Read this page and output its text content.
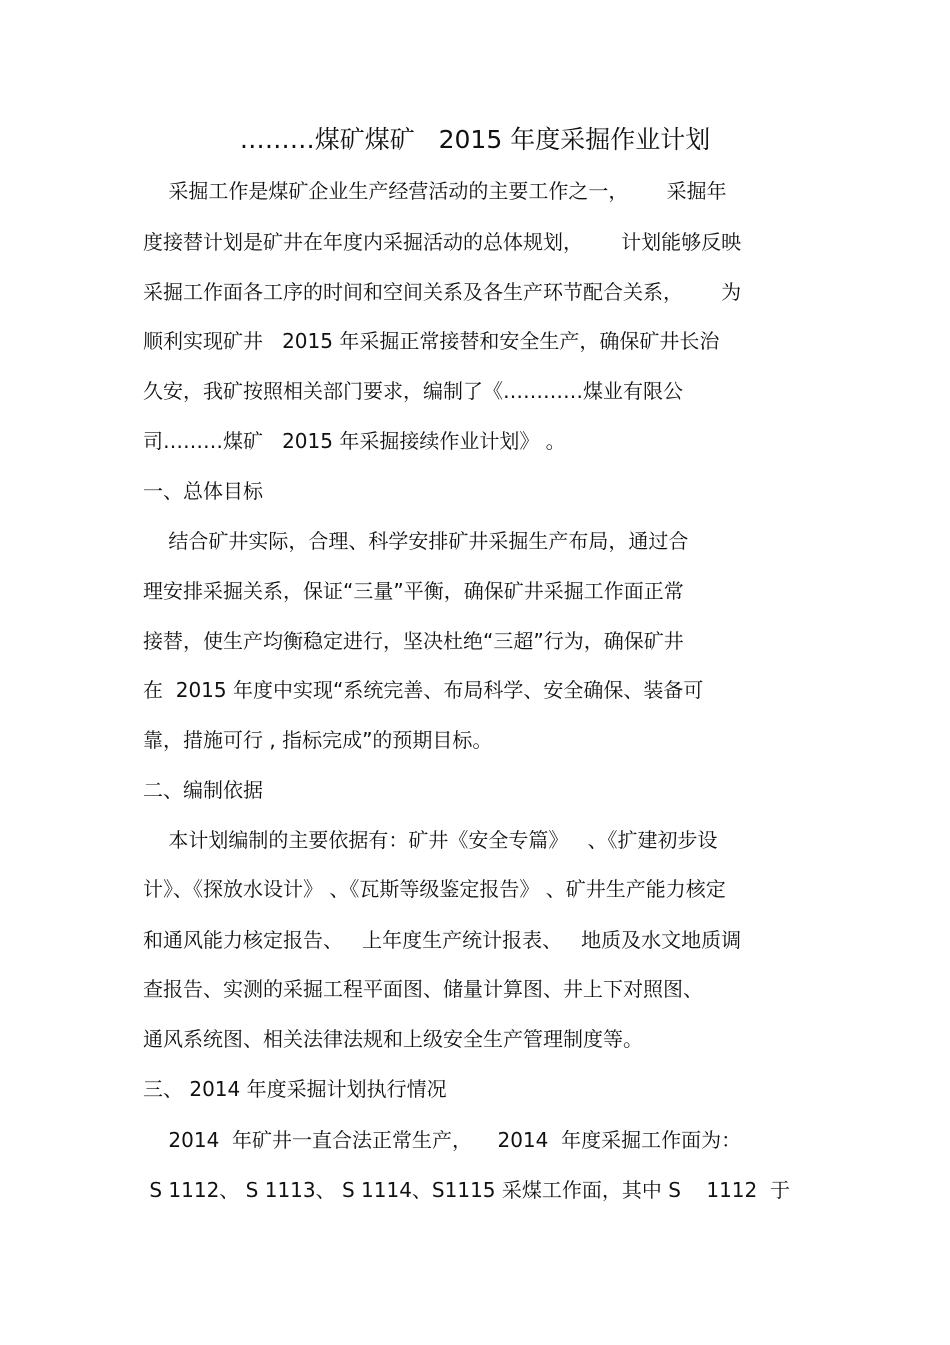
………煤矿煤矿   2015 年度采掘作业计划
采掘工作是煤矿企业生产经营活动的主要工作之一，      采掘年
度接替计划是矿井在年度内采掘活动的总体规划，      计划能够反映
采掘工作面各工序的时间和空间关系及各生产环节配合关系，      为
顺利实现矿井   2015 年采掘正常接替和安全生产，确保矿井长治
久安，我矿按照相关部门要求，编制了《…………煤业有限公
司………煤矿   2015 年采掘接续作业计划》 。
一、总体目标
结合矿井实际，合理、科学安排矿井采掘生产布局，通过合
理安排采掘关系，保证“三量”平衡，确保矿井采掘工作面正常
接替，使生产均衡稳定进行，坚决杜绝“三超”行为，确保矿井
在  2015 年度中实现“系统完善、布局科学、安全确保、装备可
靠，措施可行 , 指标完成”的预期目标。
二、编制依据
本计划编制的主要依据有：矿井《安全专篇》   、《扩建初步设
计》、《探放水设计》 、《瓦斯等级鉴定报告》 、矿井生产能力核定
和通风能力核定报告、   上年度生产统计报表、   地质及水文地质调
查报告、实测的采掘工程平面图、储量计算图、井上下对照图、
通风系统图、相关法律法规和上级安全生产管理制度等。
三、 2014 年度采掘计划执行情况
2014  年矿井一直合法正常生产，    2014  年度采掘工作面为：
S 1112、 S 1113、 S 1114、S1115 采煤工作面，其中 S    1112  于
